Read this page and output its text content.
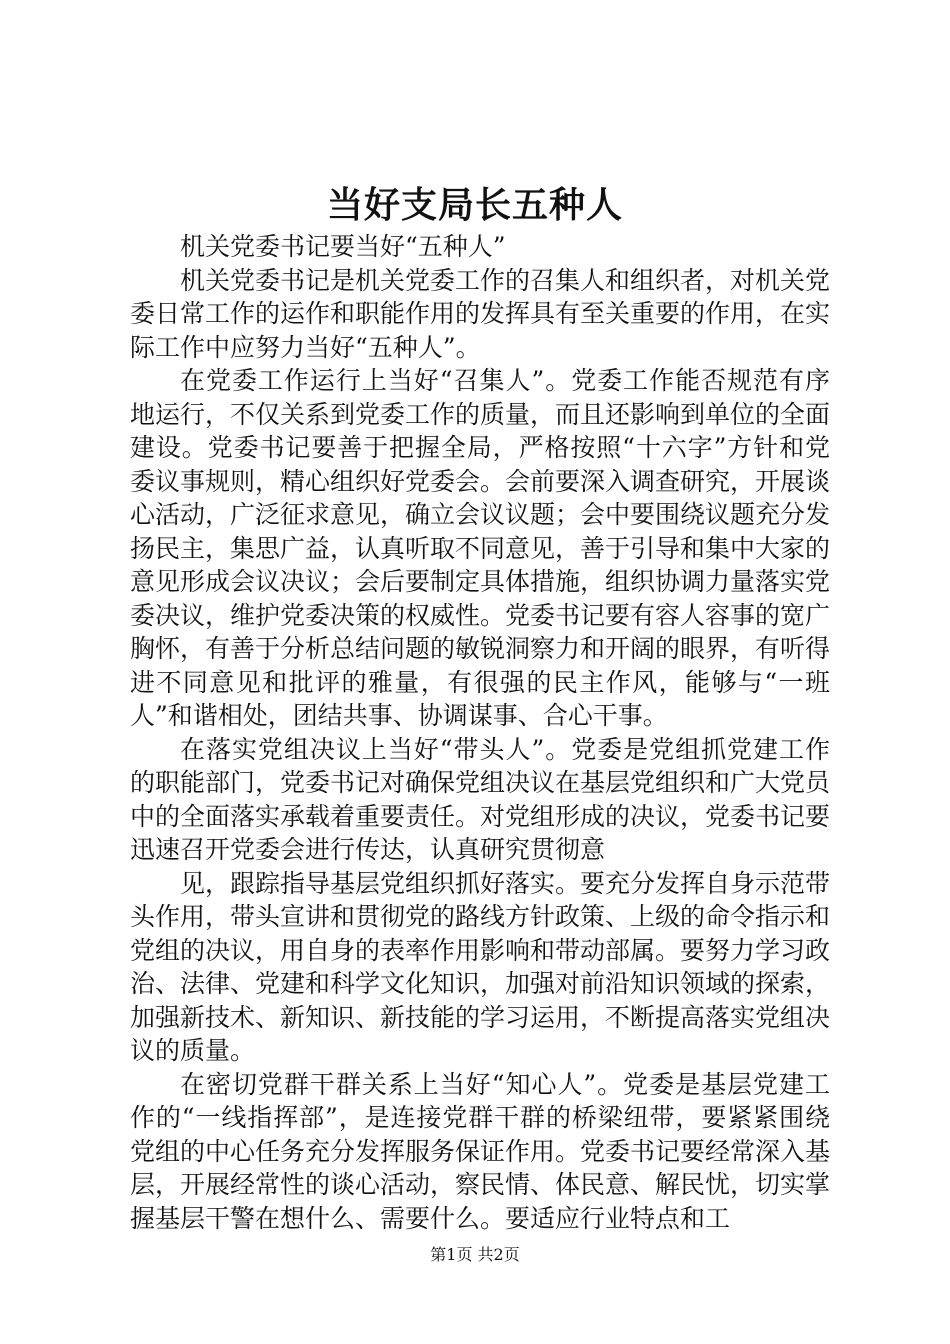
当好支局长五种人

机关党委书记要当好“五种人”

机关党委书记是机关党委工作的召集人和组织者，对机关党委日常工作的运作和职能作用的发挥具有至关重要的作用，在实际工作中应努力当好“五种人”。

在党委工作运行上当好“召集人”。党委工作能否规范有序地运行，不仅关系到党委工作的质量，而且还影响到单位的全面建设。党委书记要善于把握全局，严格按照“十六字”方针和党委议事规则，精心组织好党委会。会前要深入调查研究，开展谈心活动，广泛征求意见，确立会议议题；会中要围绕议题充分发扬民主，集思广益，认真听取不同意见，善于引导和集中大家的意见形成会议决议；会后要制定具体措施，组织协调力量落实党委决议，维护党委决策的权威性。党委书记要有容人容事的宽广胸怀，有善于分析总结问题的敏锐洞察力和开阔的眼界，有听得进不同意见和批评的雅量，有很强的民主作风，能够与“一班人”和谐相处，团结共事、协调谋事、合心干事。

在落实党组决议上当好“带头人”。党委是党组抓党建工作的职能部门，党委书记对确保党组决议在基层党组织和广大党员中的全面落实承载着重要责任。对党组形成的决议，党委书记要迅速召开党委会进行传达，认真研究贯彻意

见，跟踪指导基层党组织抓好落实。要充分发挥自身示范带头作用，带头宣讲和贯彻党的路线方针政策、上级的命令指示和党组的决议，用自身的表率作用影响和带动部属。要努力学习政治、法律、党建和科学文化知识，加强对前沿知识领域的探索，加强新技术、新知识、新技能的学习运用，不断提高落实党组决议的质量。

在密切党群干群关系上当好“知心人”。党委是基层党建工作的“一线指挥部”，是连接党群干群的桥梁纽带，要紧紧围绕党组的中心任务充分发挥服务保证作用。党委书记要经常深入基层，开展经常性的谈心活动，察民情、体民意、解民忧，切实掌握基层干警在想什么、需要什么。要适应行业特点和工

第1页 共2页
